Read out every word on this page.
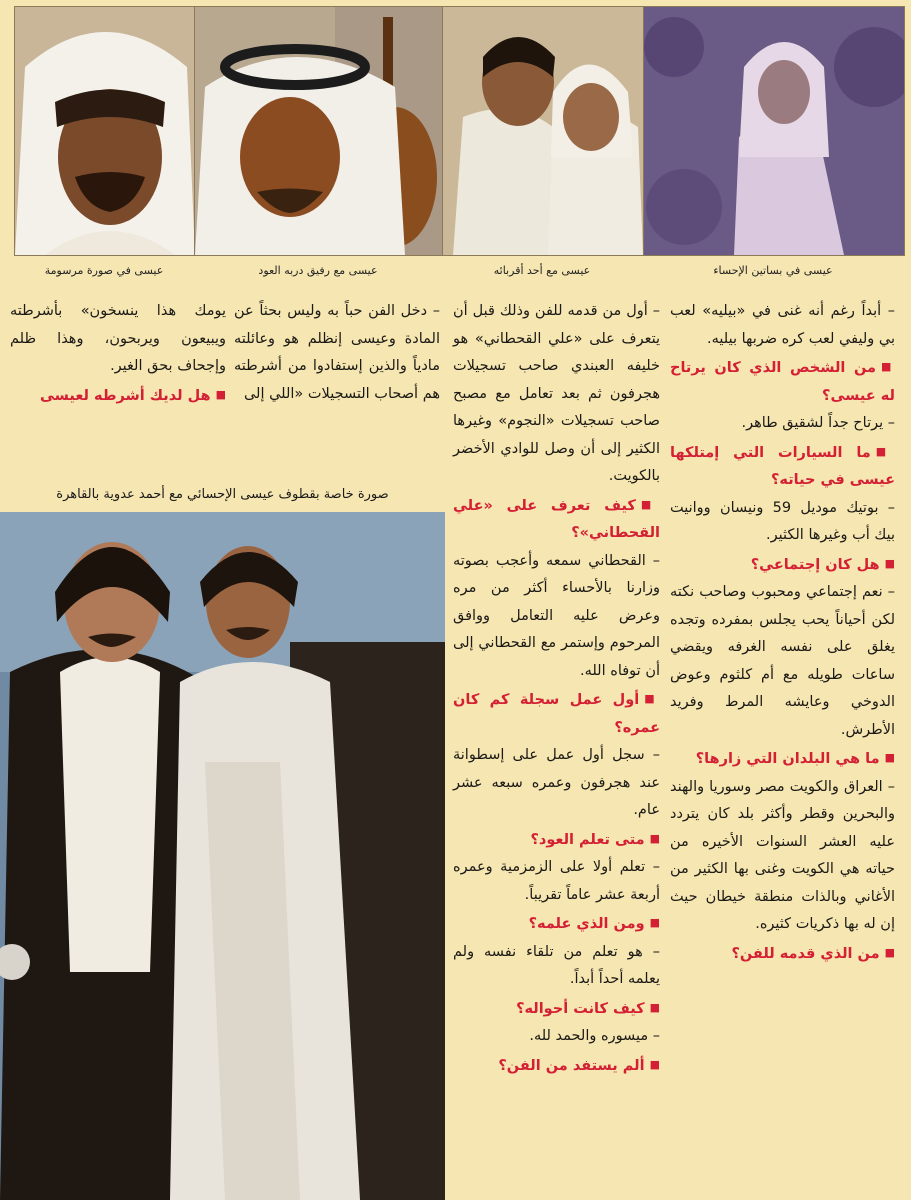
عيسى في صورة مرسومة	عيسى مع رفيق دربه العود	عيسى مع أحد أقربائه	عيسى في بساتين الإحساء

– أبداً رغم أنه غنى في «بيليه» لعب بي وليفي لعب كره ضربها بيليه.

■ من الشخص الذي كان يرتاح له عيسى؟

– يرتاح جداً لشقيق طاهر.

■ ما السيارات التي إمتلكها عيسى في حياته؟

– بوتيك موديل 59 ونيسان ووانيت بيك أب وغيرها الكثير.

■ هل كان إجتماعي؟

– نعم إجتماعي ومحبوب وصاحب نكته لكن أحياناً يحب يجلس بمفرده وتجده يغلق على نفسه الغرفه ويقضي ساعات طويله مع أم كلثوم وعوض الدوخي وعايشه المرط وفريد الأطرش.

■ ما هي البلدان التي زارها؟

– العراق والكويت مصر وسوريا والهند والبحرين وقطر وأكثر بلد كان يتردد عليه العشر السنوات الأخيره من حياته هي الكويت وغنى بها الكثير من الأغاني وبالذات منطقة خيطان حيث إن له بها ذكريات كثيره.

■ من الذي قدمه للفن؟

– أول من قدمه للفن وذلك قبل أن يتعرف على «علي القحطاني» هو خليفه العبندي صاحب تسجيلات هجرفون ثم بعد تعامل مع مصبح صاحب تسجيلات «النجوم» وغيرها الكثير إلى أن وصل للوادي الأخضر بالكويت.

■ كيف تعرف على «علي القحطاني»؟

– القحطاني سمعه وأعجب بصوته وزارنا بالأحساء أكثر من مره وعرض عليه التعامل ووافق المرحوم وإستمر مع القحطاني إلى أن توفاه الله.

■ أول عمل سجلة كم كان عمره؟

– سجل أول عمل على إسطوانة عند هجرفون وعمره سبعه عشر عام.

■ متى تعلم العود؟

– تعلم أولا على الزمزمية وعمره أربعة عشر عاماً تقريباً.

■ ومن الذي علمه؟

– هو تعلم من تلقاء نفسه ولم يعلمه أحداً أبداً.

■ كيف كانت أحواله؟

– ميسوره والحمد لله.

■ ألم يستفد من الفن؟

– دخل الفن حباً به وليس بحثاً عن المادة وعيسى إنظلم هو وعائلته مادياً والذين إستفادوا من أشرطته هم أصحاب التسجيلات «اللي إلى

يومك هذا ينسخون» بأشرطته ويبيعون ويربحون، وهذا ظلم وإجحاف بحق الغير.

■ هل لديك أشرطه لعيسى

صورة خاصة بقطوف عيسى الإحسائي مع أحمد عدوية بالقاهرة
